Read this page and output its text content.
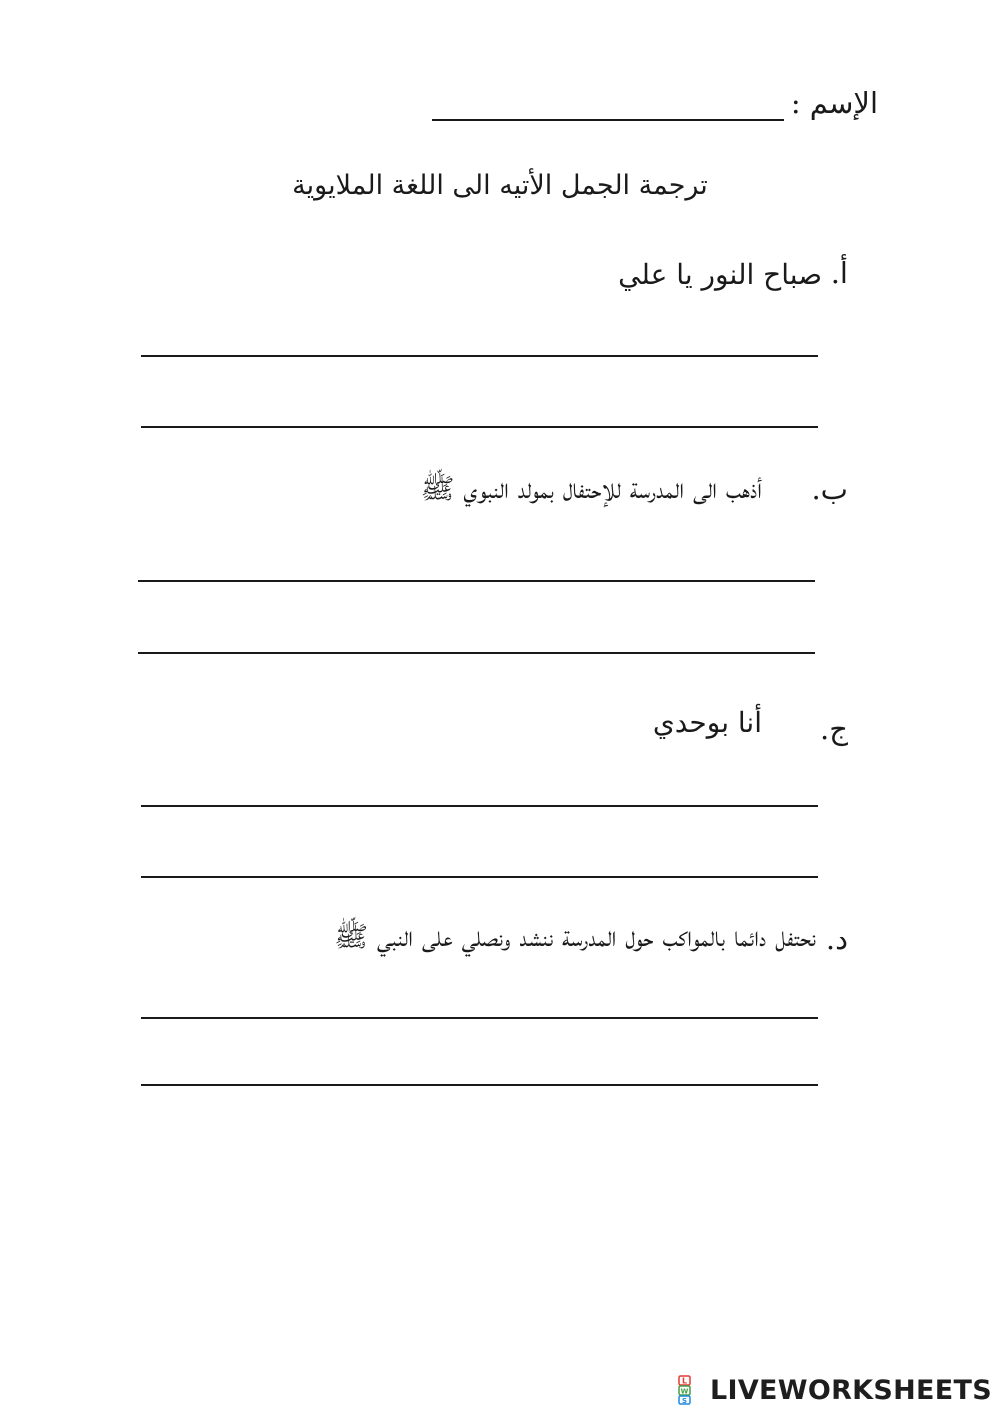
الإسم :
ترجمة الجمل الأتيه الى اللغة الملايوية
أ.
صباح النور يا علي
ب.
أذهب الى المدرسة للإحتفال بمولد النبوي ﷺ
ج.
أنا بوحدي
د.
نحتفل دائما بالمواكب حول المدرسة ننشد ونصلي على النبي ﷺ
L
W
S LIVEWORKSHEETS
